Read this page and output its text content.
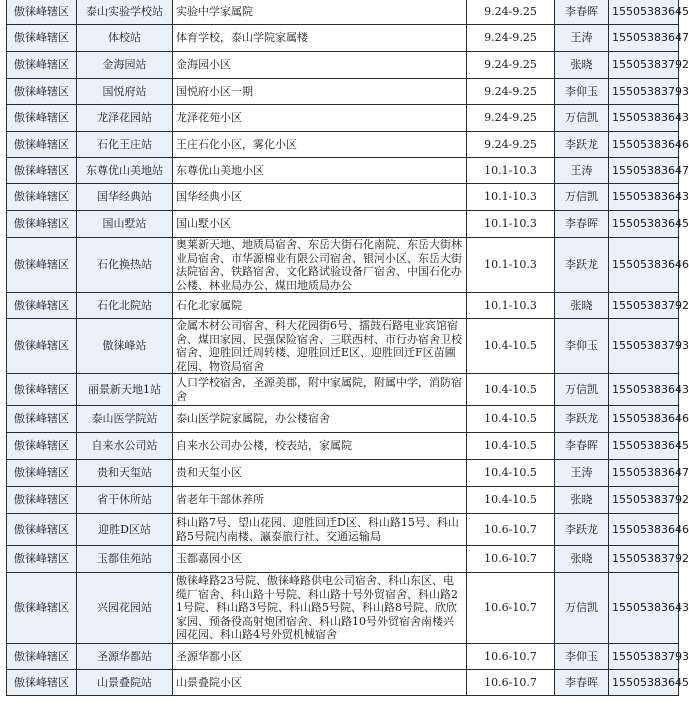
傲徕峰辖区	泰山实验学校站	实验中学家属院	9.24-9.25	李春晖	15505383645
傲徕峰辖区	体校站	体育学校，泰山学院家属楼	9.24-9.25	王涛	15505383647
傲徕峰辖区	金海园站	金海园小区	9.24-9.25	张晓	15505383792
傲徕峰辖区	国悦府站	国悦府小区一期	9.24-9.25	李仰玉	15505383793
傲徕峰辖区	龙泽花园站	龙泽花苑小区	9.24-9.25	万信凯	15505383643
傲徕峰辖区	石化王庄站	王庄石化小区，雾化小区	9.24-9.25	李跃龙	15505383646
傲徕峰辖区	东尊优山美地站	东尊优山美地小区	10.1-10.3	王涛	15505383647
傲徕峰辖区	国华经典站	国华经典小区	10.1-10.3	万信凯	15505383643
傲徕峰辖区	国山墅站	国山墅小区	10.1-10.3	李春晖	15505383645
傲徕峰辖区	石化换热站	奥莱新天地、地质局宿舍、东岳大街石化南院、东岳大街林业局宿舍、市华源棉业有限公司宿舍、银河小区、东岳大街法院宿舍、铁路宿舍、文化路试验设备厂宿舍、中国石化办公楼、林业局办公、煤田地质局办公	10.1-10.3	李跃龙	15505383646
傲徕峰辖区	石化北院站	石化北家属院	10.1-10.3	张晓	15505383792
傲徕峰辖区	傲徕峰站	金属木材公司宿舍、科大花园街6号、擂鼓石路电业宾馆宿舍、煤田家园、民强保险宿舍、三联西村、市行办宿舍卫校宿舍、迎胜回迁周转楼、迎胜回迁E区、迎胜回迁F区苗圃花园、物资局宿舍	10.4-10.5	李仰玉	15505383793
傲徕峰辖区	丽景新天地1站	人口学校宿舍，圣源美郡，附中家属院，附属中学，消防宿舍	10.4-10.5	万信凯	15505383643
傲徕峰辖区	泰山医学院站	泰山医学院家属院，办公楼宿舍	10.4-10.5	李跃龙	15505383646
傲徕峰辖区	自来水公司站	自来水公司办公楼，校表站，家属院	10.4-10.5	李春晖	15505383645
傲徕峰辖区	贵和天玺站	贵和天玺小区	10.4-10.5	王涛	15505383647
傲徕峰辖区	省干休所站	省老年干部休养所	10.4-10.5	张晓	15505383792
傲徕峰辖区	迎胜D区站	科山路7号、望山花园、迎胜回迁D区、科山路15号、科山路5号院内南楼、瀛泰旅行社、交通运输局	10.6-10.7	李跃龙	15505383646
傲徕峰辖区	玉都佳苑站	玉都嘉园小区	10.6-10.7	张晓	15505383792
傲徕峰辖区	兴园花园站	傲徕峰路23号院、傲徕峰路供电公司宿舍、科山东区、电缆厂宿舍、科山路十号院、科山路十号外贸宿舍、科山路21号院、科山路3号院、科山路5号院、科山路8号院、欣欣家园、预备役高射炮团宿舍、科山路10号外贸宿舍南楼兴园花园、科山路4号外贸机械宿舍	10.6-10.7	万信凯	15505383643
傲徕峰辖区	圣源华都站	圣源华都小区	10.6-10.7	李仰玉	15505383793
傲徕峰辖区	山景叠院站	山景叠院小区	10.6-10.7	李春晖	15505383645
